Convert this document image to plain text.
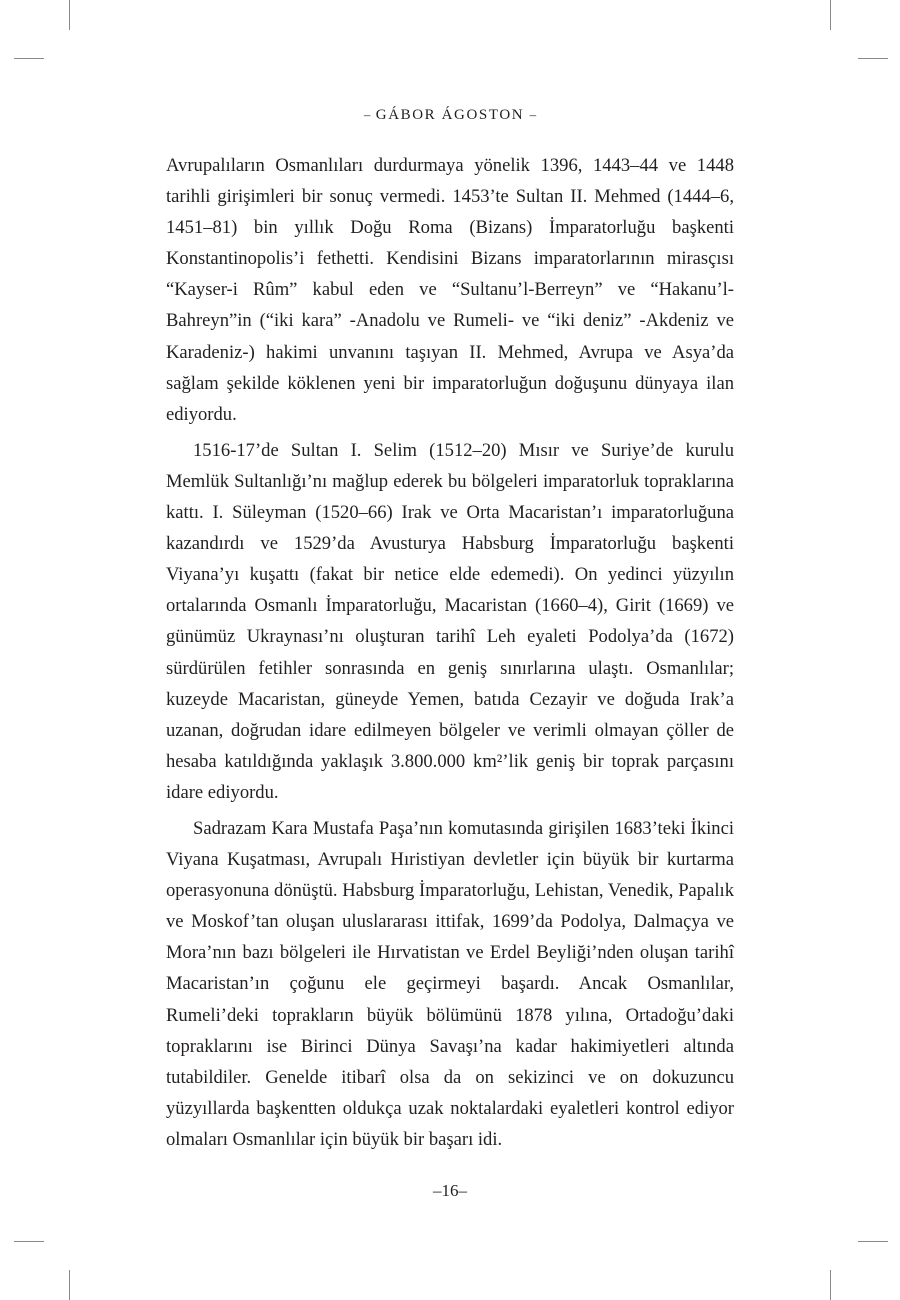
– GÁBOR ÁGOSTON –

Avrupalıların Osmanlıları durdurmaya yönelik 1396, 1443–44 ve 1448 tarihli girişimleri bir sonuç vermedi. 1453’te Sultan II. Mehmed (1444–6, 1451–81) bin yıllık Doğu Roma (Bizans) İmparatorluğu başkenti Konstantinopolis’i fethetti. Kendisini Bizans imparatorlarının mirasçısı “Kayser-i Rûm” kabul eden ve “Sultanu’l-Berreyn” ve “Hakanu’l-Bahreyn”in (“iki kara” -Anadolu ve Rumeli- ve “iki deniz” -Akdeniz ve Karadeniz-) hakimi unvanını taşıyan II. Mehmed, Avrupa ve Asya’da sağlam şekilde köklenen yeni bir imparatorluğun doğuşunu dünyaya ilan ediyordu.

1516-17’de Sultan I. Selim (1512–20) Mısır ve Suriye’de kurulu Memlük Sultanlığı’nı mağlup ederek bu bölgeleri imparatorluk topraklarına kattı. I. Süleyman (1520–66) Irak ve Orta Macaristan’ı imparatorluğuna kazandırdı ve 1529’da Avusturya Habsburg İmparatorluğu başkenti Viyana’yı kuşattı (fakat bir netice elde edemedi). On yedinci yüzyılın ortalarında Osmanlı İmparatorluğu, Macaristan (1660–4), Girit (1669) ve günümüz Ukraynası’nı oluşturan tarihî Leh eyaleti Podolya’da (1672) sürdürülen fetihler sonrasında en geniş sınırlarına ulaştı. Osmanlılar; kuzeyde Macaristan, güneyde Yemen, batıda Cezayir ve doğuda Irak’a uzanan, doğrudan idare edilmeyen bölgeler ve verimli olmayan çöller de hesaba katıldığında yaklaşık 3.800.000 km²’lik geniş bir toprak parçasını idare ediyordu.

Sadrazam Kara Mustafa Paşa’nın komutasında girişilen 1683’teki İkinci Viyana Kuşatması, Avrupalı Hıristiyan devletler için büyük bir kurtarma operasyonuna dönüştü. Habsburg İmparatorluğu, Lehistan, Venedik, Papalık ve Moskof’tan oluşan uluslararası ittifak, 1699’da Podolya, Dalmaçya ve Mora’nın bazı bölgeleri ile Hırvatistan ve Erdel Beyliği’nden oluşan tarihî Macaristan’ın çoğunu ele geçirmeyi başardı. Ancak Osmanlılar, Rumeli’deki toprakların büyük bölümünü 1878 yılına, Ortadoğu’daki topraklarını ise Birinci Dünya Savaşı’na kadar hakimiyetleri altında tutabildiler. Genelde itibarî olsa da on sekizinci ve on dokuzuncu yüzyıllarda başkentten oldukça uzak noktalardaki eyaletleri kontrol ediyor olmaları Osmanlılar için büyük bir başarı idi.

–16–
